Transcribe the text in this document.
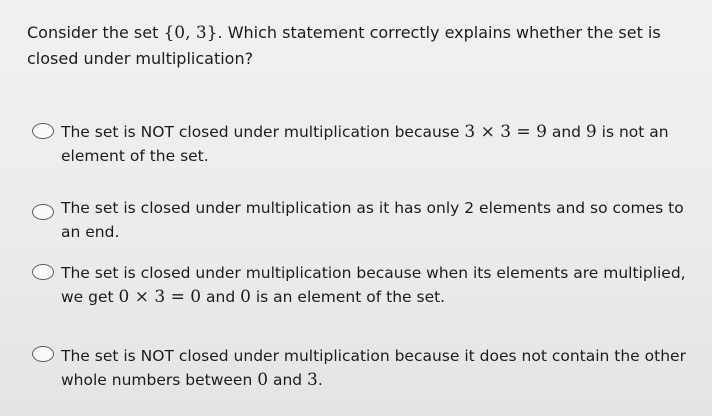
Consider the set {0, 3}. Which statement correctly explains whether the set is closed under multiplication?
The set is NOT closed under multiplication because 3 × 3 = 9 and 9 is not an element of the set.
The set is closed under multiplication as it has only 2 elements and so comes to an end.
The set is closed under multiplication because when its elements are multiplied, we get 0 × 3 = 0 and 0 is an element of the set.
The set is NOT closed under multiplication because it does not contain the other whole numbers between 0 and 3.
